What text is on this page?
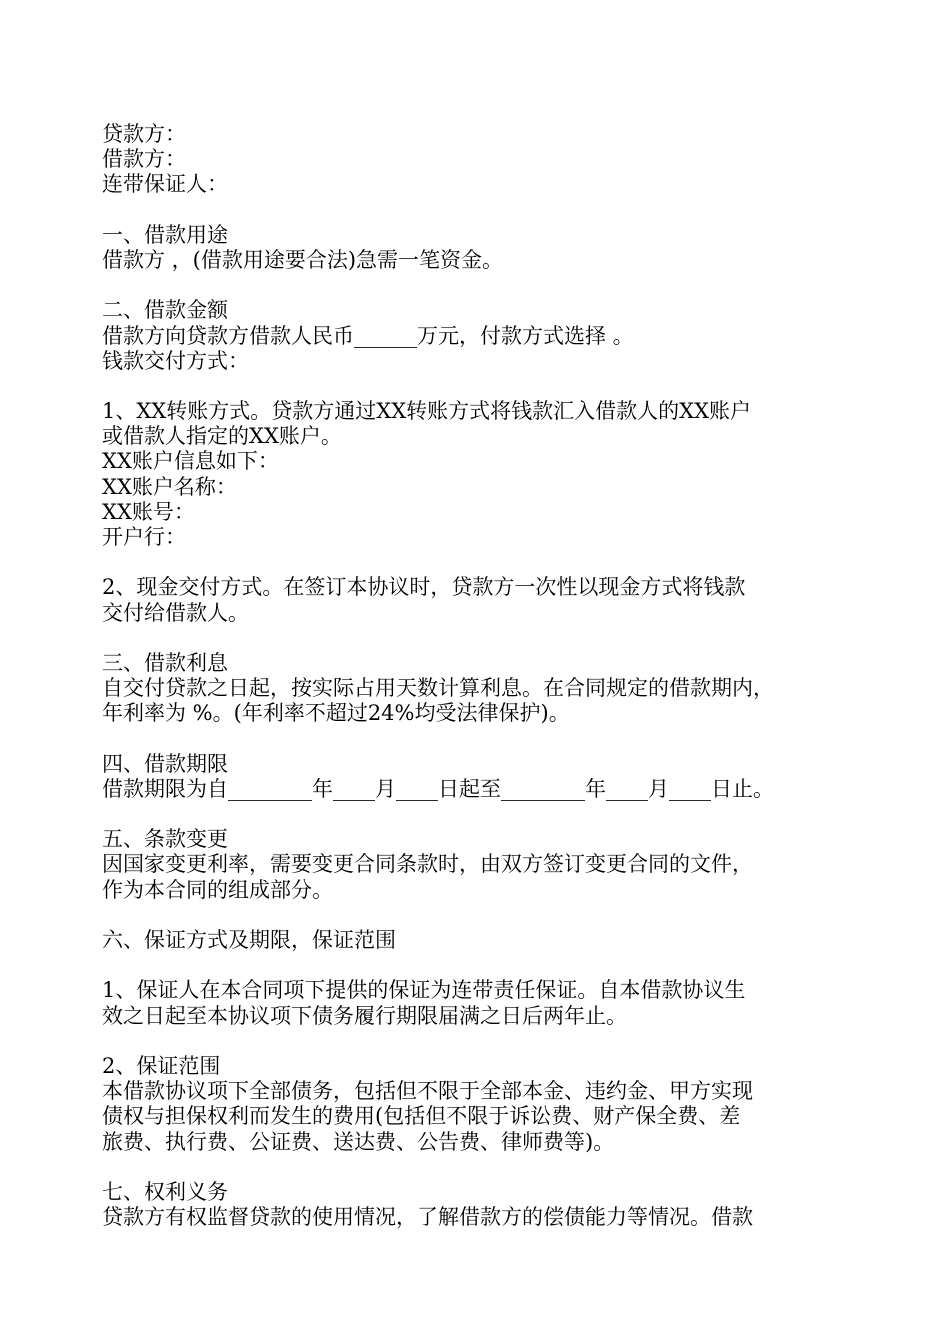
贷款方：
借款方：
连带保证人：
一、借款用途
借款方 ，(借款用途要合法)急需一笔资金。
二、借款金额
借款方向贷款方借款人民币______万元，付款方式选择 。
钱款交付方式：
1、XX转账方式。贷款方通过XX转账方式将钱款汇入借款人的XX账户
或借款人指定的XX账户。
XX账户信息如下：
XX账户名称：
XX账号：
开户行：
2、现金交付方式。在签订本协议时，贷款方一次性以现金方式将钱款
交付给借款人。
三、借款利息
自交付贷款之日起，按实际占用天数计算利息。在合同规定的借款期内，
年利率为 %。(年利率不超过24%均受法律保护)。
四、借款期限
借款期限为自________年____月____日起至________年____月____日止。
五、条款变更
因国家变更利率，需要变更合同条款时，由双方签订变更合同的文件，
作为本合同的组成部分。
六、保证方式及期限，保证范围
1、保证人在本合同项下提供的保证为连带责任保证。自本借款协议生
效之日起至本协议项下债务履行期限届满之日后两年止。
2、保证范围
本借款协议项下全部债务，包括但不限于全部本金、违约金、甲方实现
债权与担保权利而发生的费用(包括但不限于诉讼费、财产保全费、差
旅费、执行费、公证费、送达费、公告费、律师费等)。
七、权利义务
贷款方有权监督贷款的使用情况，了解借款方的偿债能力等情况。借款
